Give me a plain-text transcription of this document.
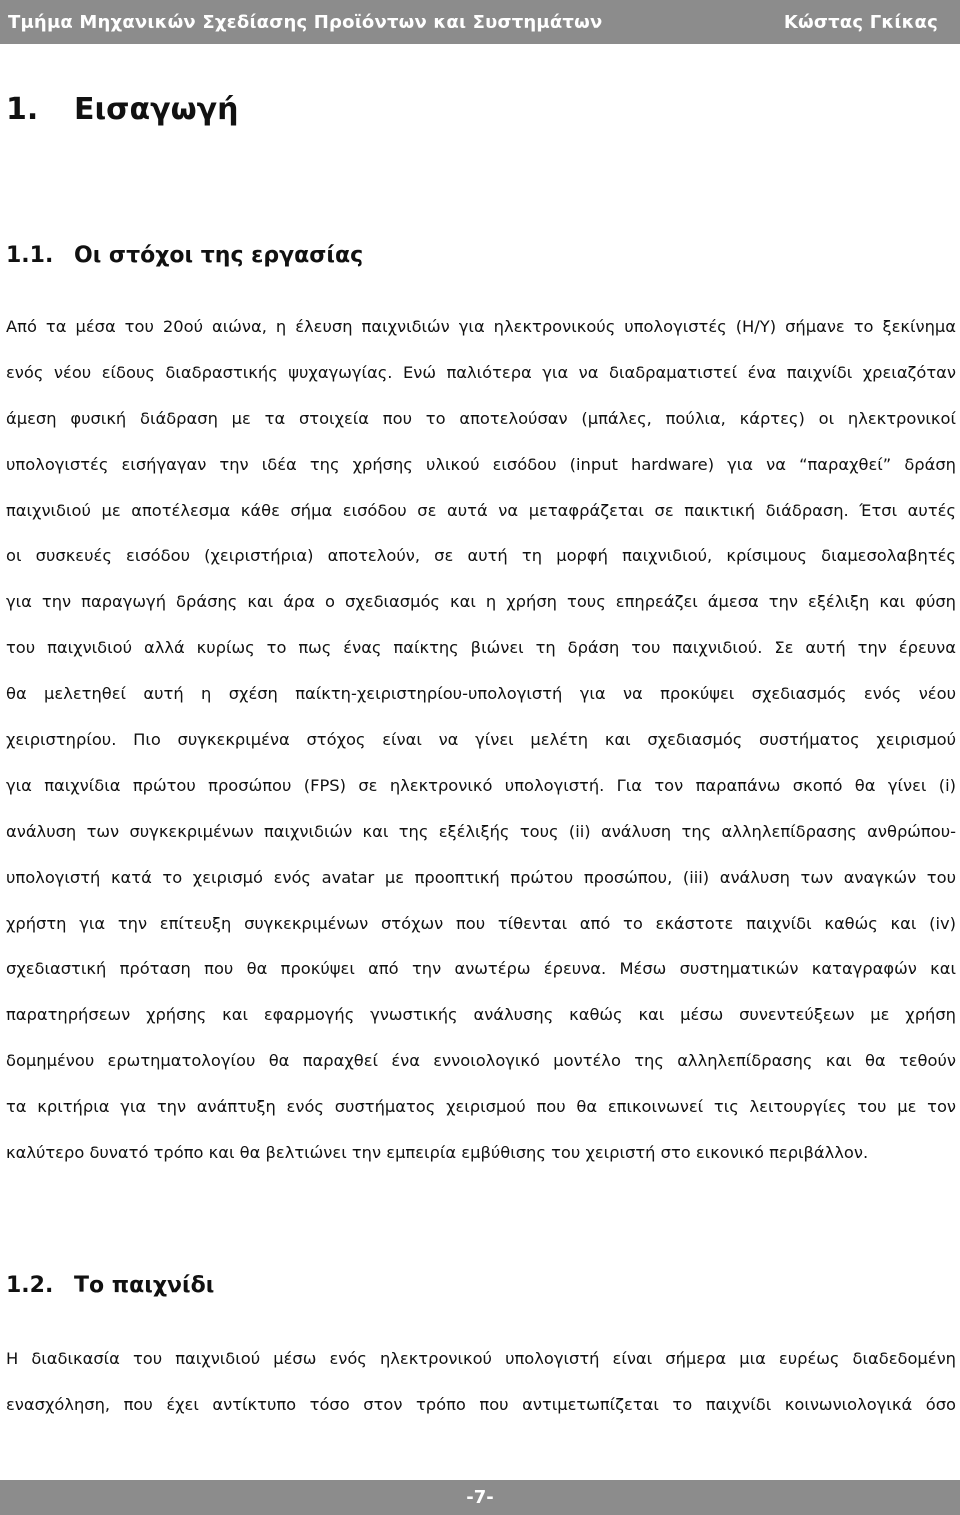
Τμήμα Μηχανικών Σχεδίασης Προϊόντων και Συστημάτων	Κώστας Γκίκας
1. Εισαγωγή
1.1. Οι στόχοι της εργασίας
Από τα μέσα του 20ού αιώνα, η έλευση παιχνιδιών για ηλεκτρονικούς υπολογιστές (Η/Υ) σήμανε το ξεκίνημα
ενός νέου είδους διαδραστικής ψυχαγωγίας. Ενώ παλιότερα για να διαδραματιστεί ένα παιχνίδι χρειαζόταν
άμεση φυσική διάδραση με τα στοιχεία που το αποτελούσαν (μπάλες, πούλια, κάρτες) οι ηλεκτρονικοί
υπολογιστές εισήγαγαν την ιδέα της χρήσης υλικού εισόδου (input hardware) για να “παραχθεί” δράση
παιχνιδιού με αποτέλεσμα κάθε σήμα εισόδου σε αυτά να μεταφράζεται σε παικτική διάδραση. Έτσι αυτές
οι συσκευές εισόδου (χειριστήρια) αποτελούν, σε αυτή τη μορφή παιχνιδιού, κρίσιμους διαμεσολαβητές
για την παραγωγή δράσης και άρα ο σχεδιασμός και η χρήση τους επηρεάζει άμεσα την εξέλιξη και φύση
του παιχνιδιού αλλά κυρίως το πως ένας παίκτης βιώνει τη δράση του παιχνιδιού. Σε αυτή την έρευνα
θα μελετηθεί αυτή η σχέση παίκτη-χειριστηρίου-υπολογιστή για να προκύψει σχεδιασμός ενός νέου
χειριστηρίου. Πιο συγκεκριμένα στόχος είναι να γίνει μελέτη και σχεδιασμός συστήματος χειρισμού
για παιχνίδια πρώτου προσώπου (FPS) σε ηλεκτρονικό υπολογιστή. Για τον παραπάνω σκοπό θα γίνει (i)
ανάλυση των συγκεκριμένων παιχνιδιών και της εξέλιξής τους (ii) ανάλυση της αλληλεπίδρασης ανθρώπου-
υπολογιστή κατά το χειρισμό ενός avatar με προοπτική πρώτου προσώπου, (iii) ανάλυση των αναγκών του
χρήστη για την επίτευξη συγκεκριμένων στόχων που τίθενται από το εκάστοτε παιχνίδι καθώς και (iv)
σχεδιαστική πρόταση που θα προκύψει από την ανωτέρω έρευνα. Μέσω συστηματικών καταγραφών και
παρατηρήσεων χρήσης και εφαρμογής γνωστικής ανάλυσης καθώς και μέσω συνεντεύξεων με χρήση
δομημένου ερωτηματολογίου θα παραχθεί ένα εννοιολογικό μοντέλο της αλληλεπίδρασης και θα τεθούν
τα κριτήρια για την ανάπτυξη ενός συστήματος χειρισμού που θα επικοινωνεί τις λειτουργίες του με τον
καλύτερο δυνατό τρόπο και θα βελτιώνει την εμπειρία εμβύθισης του χειριστή στο εικονικό περιβάλλον.
1.2. Το παιχνίδι
Η διαδικασία του παιχνιδιού μέσω ενός ηλεκτρονικού υπολογιστή είναι σήμερα μια ευρέως διαδεδομένη
ενασχόληση, που έχει αντίκτυπο τόσο στον τρόπο που αντιμετωπίζεται το παιχνίδι κοινωνιολογικά όσο
-7-
